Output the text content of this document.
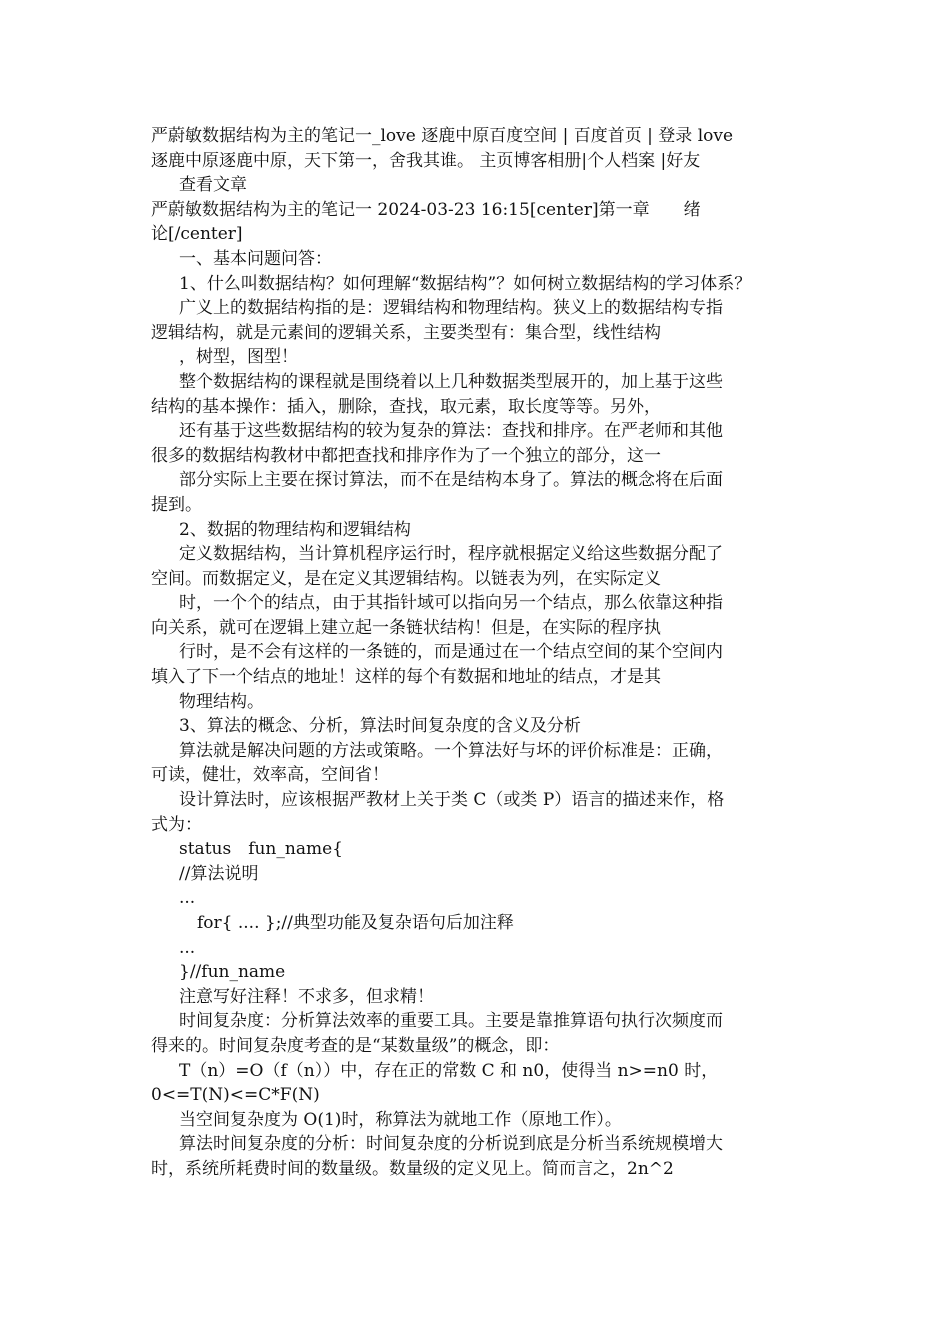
严蔚敏数据结构为主的笔记一_love 逐鹿中原百度空间 | 百度首页 | 登录 love
逐鹿中原逐鹿中原，天下第一，舍我其谁。 主页博客相册|个人档案 |好友
查看文章
严蔚敏数据结构为主的笔记一 2024-03-23 16:15[center]第一章　　绪
论[/center]
一、基本问题问答：
1、什么叫数据结构？如何理解“数据结构”？如何树立数据结构的学习体系？
广义上的数据结构指的是：逻辑结构和物理结构。狭义上的数据结构专指
逻辑结构，就是元素间的逻辑关系，主要类型有：集合型，线性结构
，树型，图型！
整个数据结构的课程就是围绕着以上几种数据类型展开的，加上基于这些
结构的基本操作：插入，删除，查找，取元素，取长度等等。另外，
还有基于这些数据结构的较为复杂的算法：查找和排序。在严老师和其他
很多的数据结构教材中都把查找和排序作为了一个独立的部分，这一
部分实际上主要在探讨算法，而不在是结构本身了。算法的概念将在后面
提到。
2、数据的物理结构和逻辑结构
定义数据结构，当计算机程序运行时，程序就根据定义给这些数据分配了
空间。而数据定义，是在定义其逻辑结构。以链表为列，在实际定义
时，一个个的结点，由于其指针域可以指向另一个结点，那么依靠这种指
向关系，就可在逻辑上建立起一条链状结构！但是，在实际的程序执
行时，是不会有这样的一条链的，而是通过在一个结点空间的某个空间内
填入了下一个结点的地址！这样的每个有数据和地址的结点，才是其
物理结构。
3、算法的概念、分析，算法时间复杂度的含义及分析
算法就是解决问题的方法或策略。一个算法好与坏的评价标准是：正确，
可读，健壮，效率高，空间省！
设计算法时，应该根据严教材上关于类 C（或类 P）语言的描述来作，格
式为：
status　fun_name{
//算法说明
...
for{ .... };//典型功能及复杂语句后加注释
...
}//fun_name
注意写好注释！不求多，但求精！
时间复杂度：分析算法效率的重要工具。主要是靠推算语句执行次频度而
得来的。时间复杂度考查的是“某数量级”的概念，即：
T（n）=O（f（n））中，存在正的常数 C 和 n0，使得当 n>=n0 时，
0<=T(N)<=C*F(N)
当空间复杂度为 O(1)时，称算法为就地工作（原地工作）。
算法时间复杂度的分析：时间复杂度的分析说到底是分析当系统规模增大
时，系统所耗费时间的数量级。数量级的定义见上。简而言之，2n^2
